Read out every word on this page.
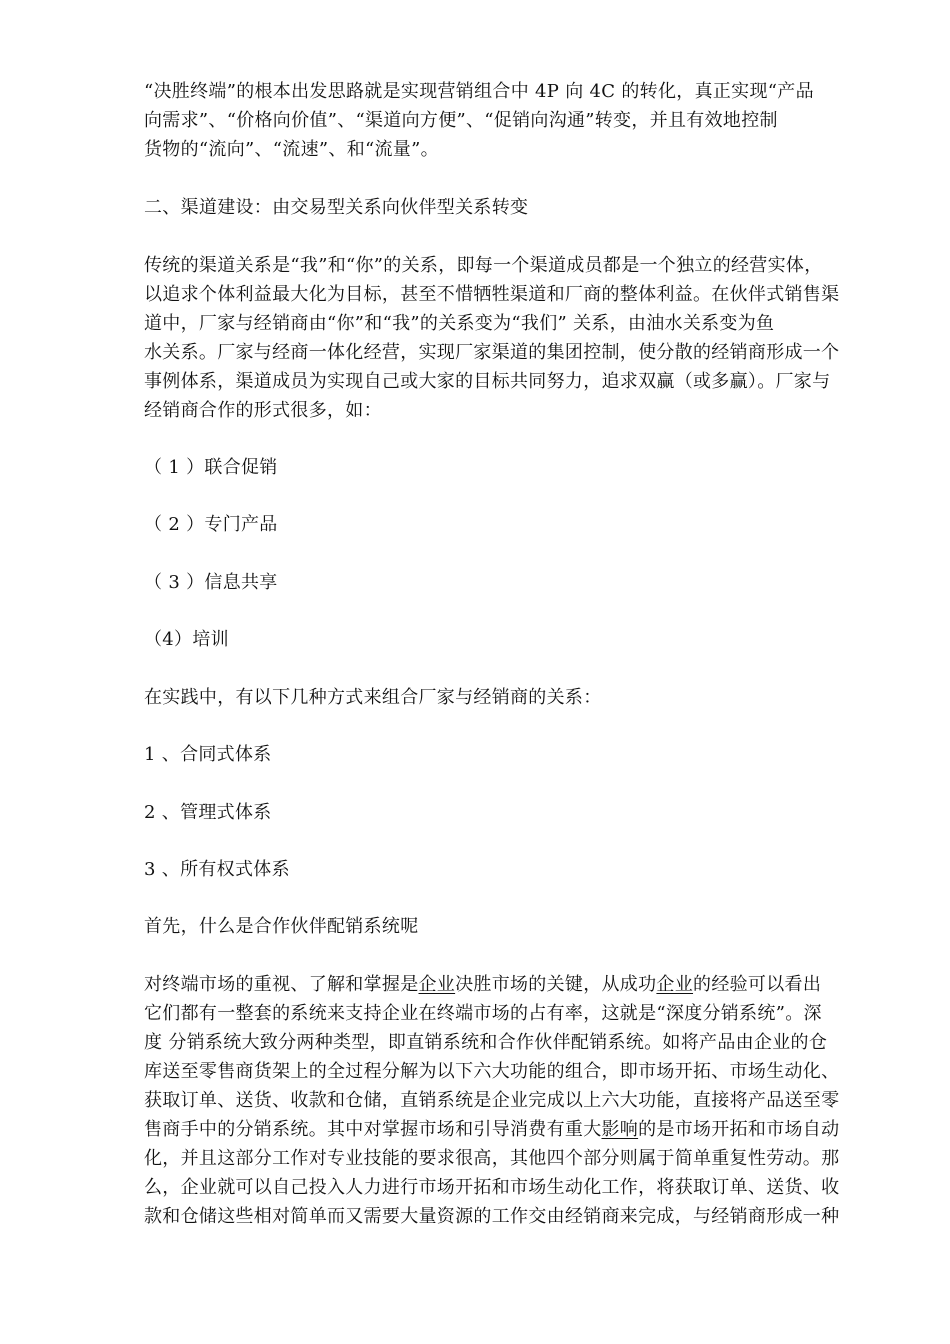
“决胜终端”的根本出发思路就是实现营销组合中 4P 向 4C 的转化，真正实现“产品
向需求”、“价格向价值”、“渠道向方便”、“促销向沟通”转变，并且有效地控制
货物的“流向”、“流速”、和“流量”。
二、渠道建设：由交易型关系向伙伴型关系转变
传统的渠道关系是“我”和“你”的关系，即每一个渠道成员都是一个独立的经营实体，
以追求个体利益最大化为目标，甚至不惜牺牲渠道和厂商的整体利益。在伙伴式销售渠
道中，厂家与经销商由“你”和“我”的关系变为“我们” 关系，由油水关系变为鱼
水关系。厂家与经商一体化经营，实现厂家渠道的集团控制，使分散的经销商形成一个
事例体系，渠道成员为实现自己或大家的目标共同努力，追求双赢（或多赢）。厂家与
经销商合作的形式很多，如：
（ 1 ）联合促销
（ 2 ）专门产品
（ 3 ）信息共享
（4）培训
在实践中，有以下几种方式来组合厂家与经销商的关系：
1 、合同式体系
2 、管理式体系
3 、所有权式体系
首先，什么是合作伙伴配销系统呢
对终端市场的重视、了解和掌握是企业决胜市场的关键，从成功企业的经验可以看出
它们都有一整套的系统来支持企业在终端市场的占有率，这就是“深度分销系统”。深
度 分销系统大致分两种类型，即直销系统和合作伙伴配销系统。如将产品由企业的仓
库送至零售商货架上的全过程分解为以下六大功能的组合，即市场开拓、市场生动化、
获取订单、送货、收款和仓储，直销系统是企业完成以上六大功能，直接将产品送至零
售商手中的分销系统。其中对掌握市场和引导消费有重大影响的是市场开拓和市场自动
化，并且这部分工作对专业技能的要求很高，其他四个部分则属于简单重复性劳动。那
么，企业就可以自己投入人力进行市场开拓和市场生动化工作，将获取订单、送货、收
款和仓储这些相对简单而又需要大量资源的工作交由经销商来完成，与经销商形成一种
